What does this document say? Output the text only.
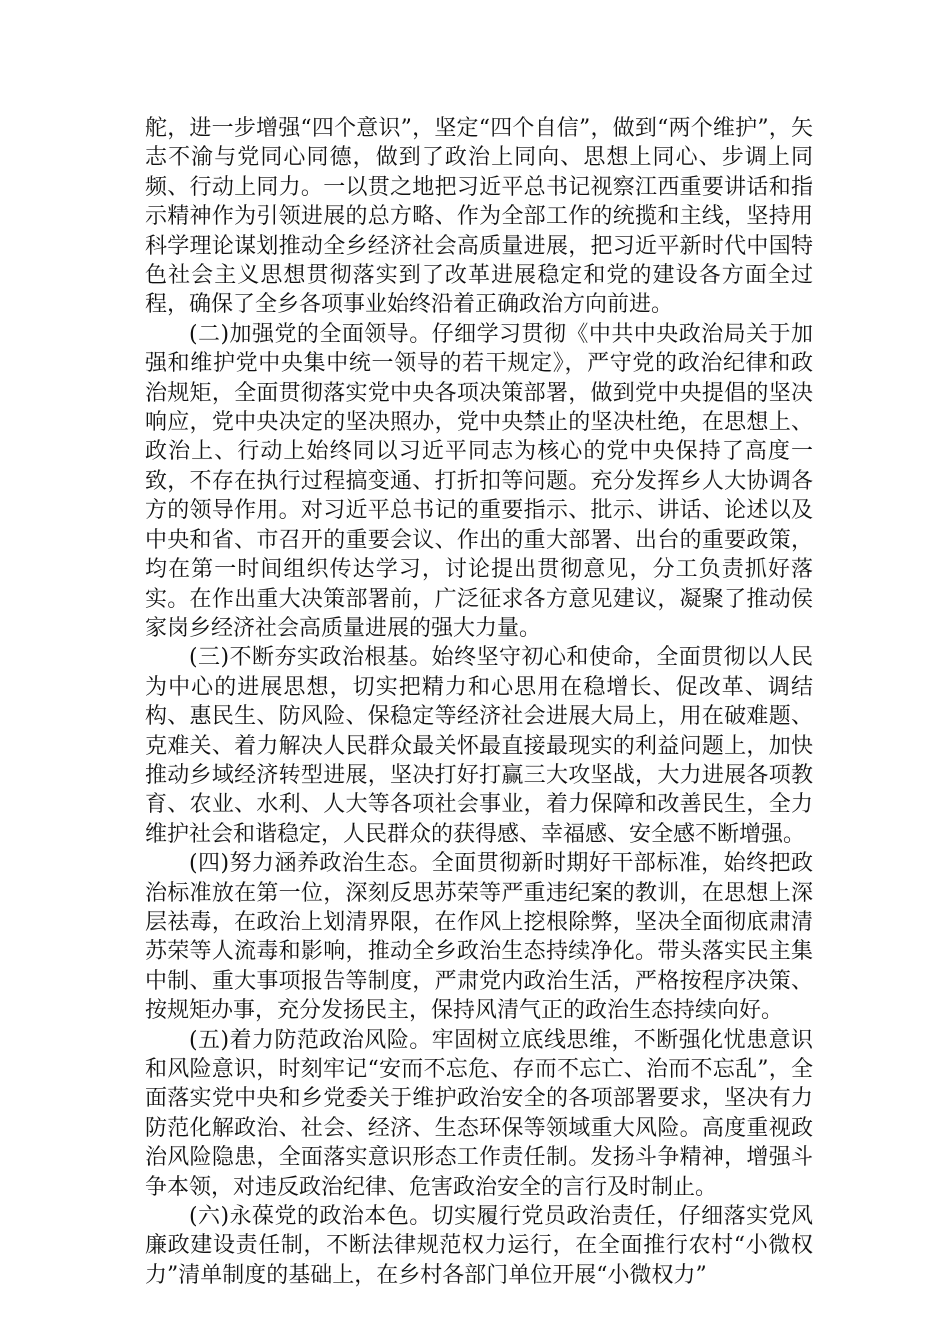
舵，进一步增强“四个意识”，坚定“四个自信”，做到“两个维护”，矢志不渝与党同心同德，做到了政治上同向、思想上同心、步调上同频、行动上同力。一以贯之地把习近平总书记视察江西重要讲话和指示精神作为引领进展的总方略、作为全部工作的统揽和主线，坚持用科学理论谋划推动全乡经济社会高质量进展，把习近平新时代中国特色社会主义思想贯彻落实到了改革进展稳定和党的建设各方面全过程，确保了全乡各项事业始终沿着正确政治方向前进。

(二)加强党的全面领导。仔细学习贯彻《中共中央政治局关于加强和维护党中央集中统一领导的若干规定》，严守党的政治纪律和政治规矩，全面贯彻落实党中央各项决策部署，做到党中央提倡的坚决响应，党中央决定的坚决照办，党中央禁止的坚决杜绝，在思想上、政治上、行动上始终同以习近平同志为核心的党中央保持了高度一致，不存在执行过程搞变通、打折扣等问题。充分发挥乡人大协调各方的领导作用。对习近平总书记的重要指示、批示、讲话、论述以及中央和省、市召开的重要会议、作出的重大部署、出台的重要政策，均在第一时间组织传达学习，讨论提出贯彻意见，分工负责抓好落实。在作出重大决策部署前，广泛征求各方意见建议，凝聚了推动侯家岗乡经济社会高质量进展的强大力量。

(三)不断夯实政治根基。始终坚守初心和使命，全面贯彻以人民为中心的进展思想，切实把精力和心思用在稳增长、促改革、调结构、惠民生、防风险、保稳定等经济社会进展大局上，用在破难题、克难关、着力解决人民群众最关怀最直接最现实的利益问题上，加快推动乡域经济转型进展，坚决打好打赢三大攻坚战，大力进展各项教育、农业、水利、人大等各项社会事业，着力保障和改善民生，全力维护社会和谐稳定，人民群众的获得感、幸福感、安全感不断增强。

(四)努力涵养政治生态。全面贯彻新时期好干部标准，始终把政治标准放在第一位，深刻反思苏荣等严重违纪案的教训，在思想上深层祛毒，在政治上划清界限，在作风上挖根除弊，坚决全面彻底肃清苏荣等人流毒和影响，推动全乡政治生态持续净化。带头落实民主集中制、重大事项报告等制度，严肃党内政治生活，严格按程序决策、按规矩办事，充分发扬民主，保持风清气正的政治生态持续向好。

(五)着力防范政治风险。牢固树立底线思维，不断强化忧患意识和风险意识，时刻牢记“安而不忘危、存而不忘亡、治而不忘乱”，全面落实党中央和乡党委关于维护政治安全的各项部署要求，坚决有力防范化解政治、社会、经济、生态环保等领域重大风险。高度重视政治风险隐患，全面落实意识形态工作责任制。发扬斗争精神，增强斗争本领，对违反政治纪律、危害政治安全的言行及时制止。

(六)永葆党的政治本色。切实履行党员政治责任，仔细落实党风廉政建设责任制，不断法律规范权力运行，在全面推行农村“小微权力”清单制度的基础上，在乡村各部门单位开展“小微权力”
